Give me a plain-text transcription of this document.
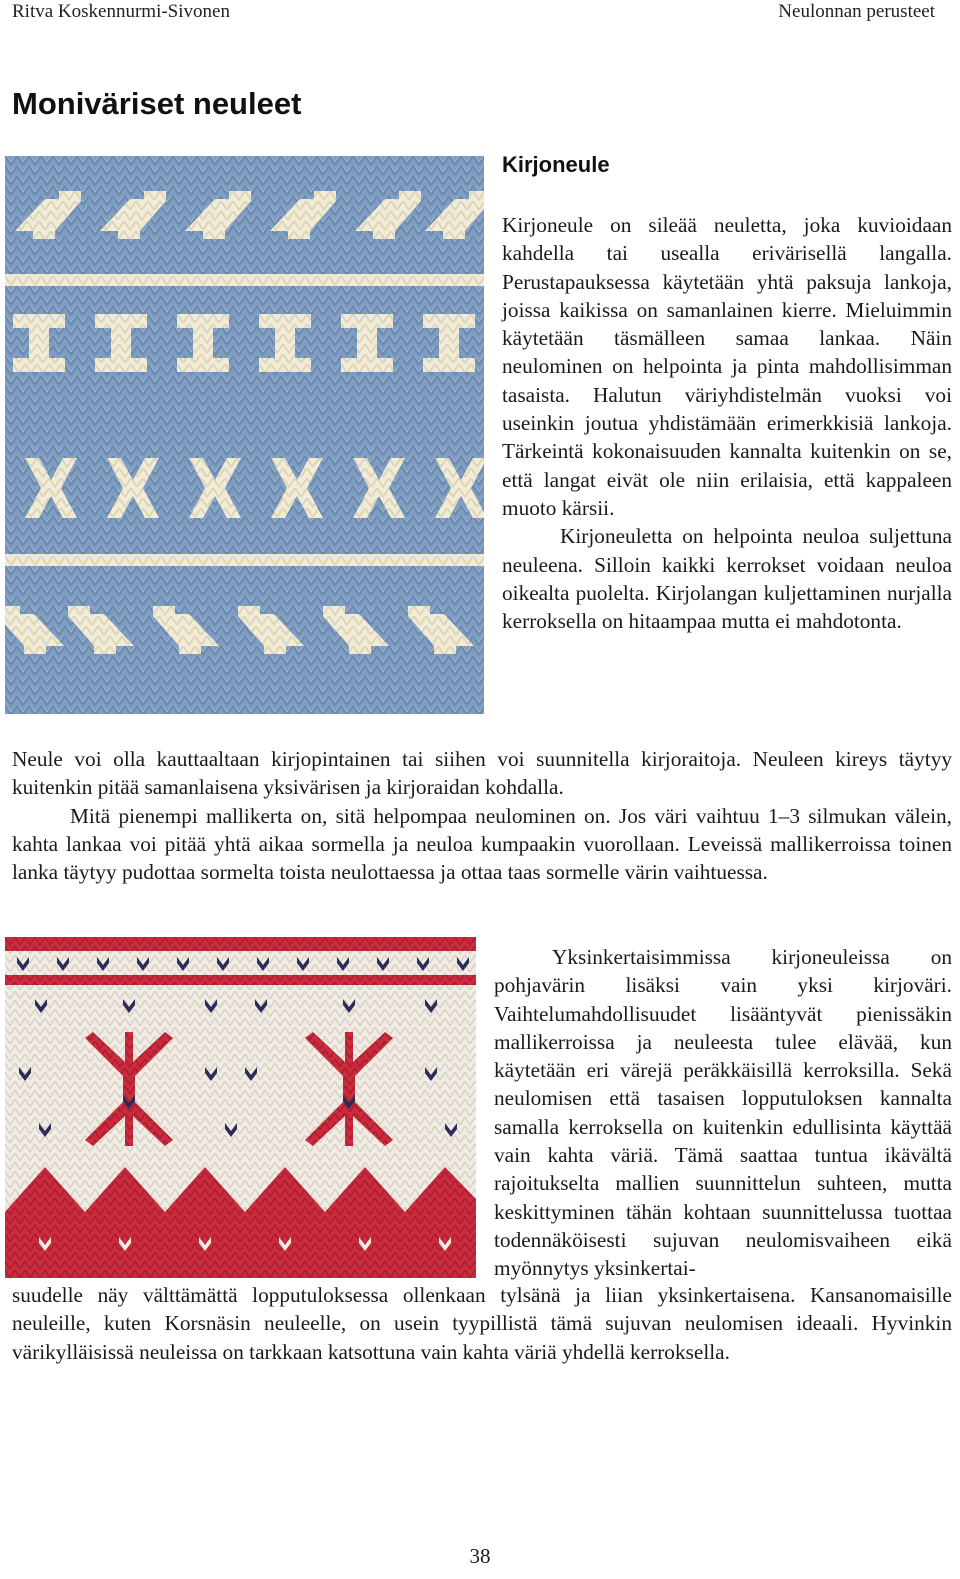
Ritva Koskennurmi-Sivonen	Neulonnan perusteet
Moniväriset neuleet
Kirjoneule

Kirjoneule on sileää neuletta, joka kuvioidaan kahdella tai usealla erivärisellä langalla. Perustapauksessa käytetään yhtä paksuja lankoja, joissa kaikissa on samanlainen kierre. Mieluimmin käytetään täsmälleen samaa lankaa. Näin neulominen on helpointa ja pinta mahdollisimman tasaista. Halutun väriyhdistelmän vuoksi voi useinkin joutua yhdistämään erimerkkisiä lankoja. Tärkeintä kokonaisuuden kannalta kuitenkin on se, että langat eivät ole niin erilaisia, että kappaleen muoto kärsii.

Kirjoneuletta on helpointa neuloa suljettuna neuleena. Silloin kaikki kerrokset voidaan neuloa oikealta puolelta. Kirjolangan kuljettaminen nurjalla kerroksella on hitaampaa mutta ei mahdotonta.

Neule voi olla kauttaaltaan kirjopintainen tai siihen voi suunnitella kirjoraitoja. Neuleen kireys täytyy kuitenkin pitää samanlaisena yksivärisen ja kirjoraidan kohdalla.

Mitä pienempi mallikerta on, sitä helpompaa neulominen on. Jos väri vaihtuu 1–3 silmukan välein, kahta lankaa voi pitää yhtä aikaa sormella ja neuloa kumpaakin vuorollaan. Leveissä mallikerroissa toinen lanka täytyy pudottaa sormelta toista neulottaessa ja ottaa taas sormelle värin vaihtuessa.

Yksinkertaisimmissa kirjoneuleissa on pohjavärin lisäksi vain yksi kirjoväri. Vaihtelumahdollisuudet lisääntyvät pienissäkin mallikerroissa ja neuleesta tulee elävää, kun käytetään eri värejä peräkkäisillä kerroksilla. Sekä neulomisen että tasaisen lopputuloksen kannalta samalla kerroksella on kuitenkin edullisinta käyttää vain kahta väriä. Tämä saattaa tuntua ikävältä rajoitukselta mallien suunnittelun suhteen, mutta keskittyminen tähän kohtaan suunnittelussa tuottaa todennäköisesti sujuvan neulomisvaiheen eikä myönnytys yksinkertai-

suudelle näy välttämättä lopputuloksessa ollenkaan tylsänä ja liian yksinkertaisena. Kansanomaisille neuleille, kuten Korsnäsin neuleelle, on usein tyypillistä tämä sujuvan neulomisen ideaali. Hyvinkin värikylläisissä neuleissa on tarkkaan katsottuna vain kahta väriä yhdellä kerroksella.

38
